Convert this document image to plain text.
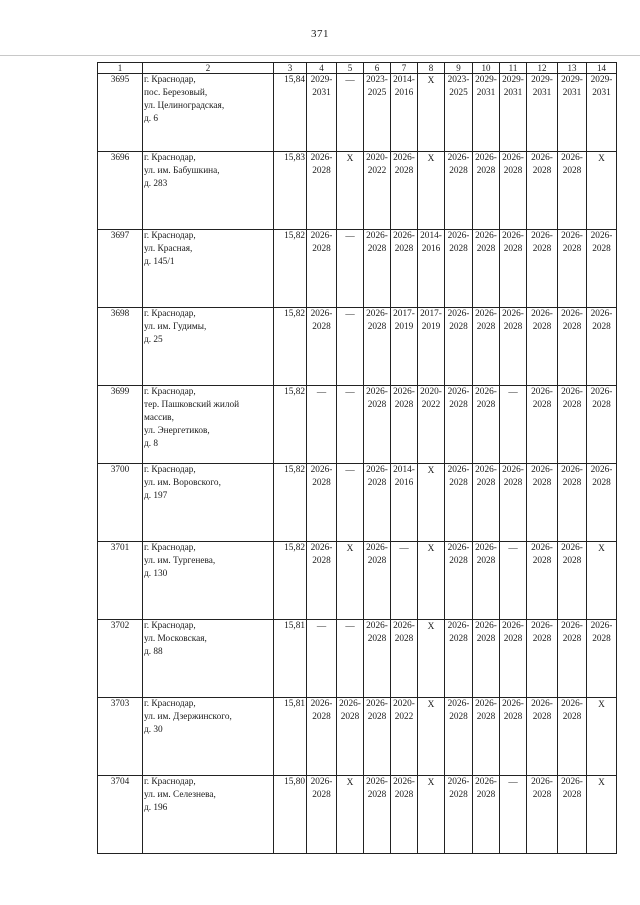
371
1	2	3	4	5	6	7	8	9	10	11	12	13	14
3695	г. Краснодар,
пос. Березовый,
ул. Целиноградская,
д. 6	15,84	2029-
2031	—	2023-
2025	2014-
2016	Х	2023-
2025	2029-
2031	2029-
2031	2029-
2031	2029-
2031	2029-
2031
3696	г. Краснодар,
ул. им. Бабушкина,
д. 283	15,83	2026-
2028	Х	2020-
2022	2026-
2028	Х	2026-
2028	2026-
2028	2026-
2028	2026-
2028	2026-
2028	Х
3697	г. Краснодар,
ул. Красная,
д. 145/1	15,82	2026-
2028	—	2026-
2028	2026-
2028	2014-
2016	2026-
2028	2026-
2028	2026-
2028	2026-
2028	2026-
2028	2026-
2028
3698	г. Краснодар,
ул. им. Гудимы,
д. 25	15,82	2026-
2028	—	2026-
2028	2017-
2019	2017-
2019	2026-
2028	2026-
2028	2026-
2028	2026-
2028	2026-
2028	2026-
2028
3699	г. Краснодар,
тер. Пашковский жилой
массив,
ул. Энергетиков,
д. 8	15,82	—	—	2026-
2028	2026-
2028	2020-
2022	2026-
2028	2026-
2028	—	2026-
2028	2026-
2028	2026-
2028
3700	г. Краснодар,
ул. им. Воровского,
д. 197	15,82	2026-
2028	—	2026-
2028	2014-
2016	Х	2026-
2028	2026-
2028	2026-
2028	2026-
2028	2026-
2028	2026-
2028
3701	г. Краснодар,
ул. им. Тургенева,
д. 130	15,82	2026-
2028	Х	2026-
2028	—	Х	2026-
2028	2026-
2028	—	2026-
2028	2026-
2028	Х
3702	г. Краснодар,
ул. Московская,
д. 88	15,81	—	—	2026-
2028	2026-
2028	Х	2026-
2028	2026-
2028	2026-
2028	2026-
2028	2026-
2028	2026-
2028
3703	г. Краснодар,
ул. им. Дзержинского,
д. 30	15,81	2026-
2028	2026-
2028	2026-
2028	2020-
2022	Х	2026-
2028	2026-
2028	2026-
2028	2026-
2028	2026-
2028	Х
3704	г. Краснодар,
ул. им. Селезнева,
д. 196	15,80	2026-
2028	Х	2026-
2028	2026-
2028	Х	2026-
2028	2026-
2028	—	2026-
2028	2026-
2028	Х
